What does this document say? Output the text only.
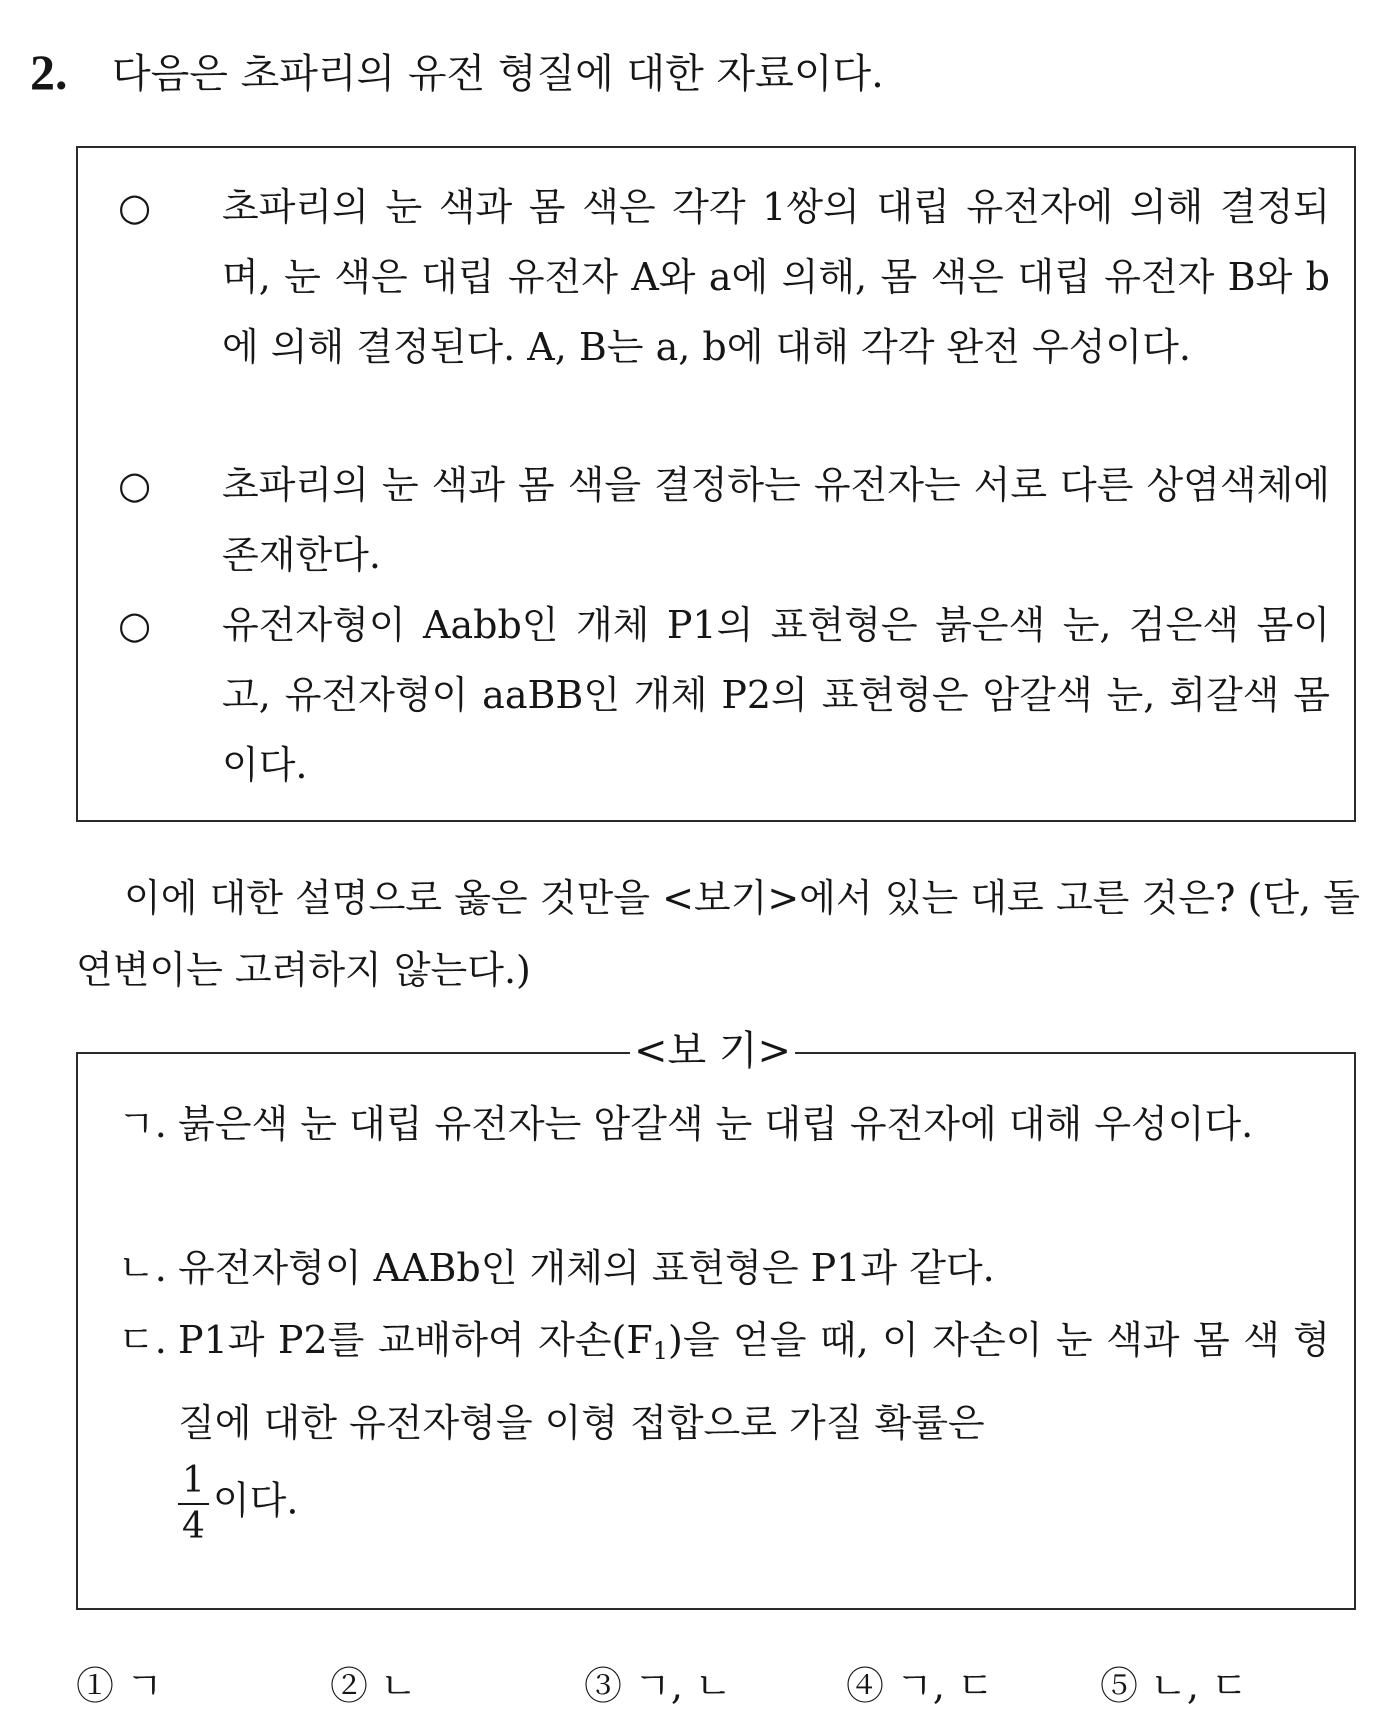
2. 다음은 초파리의 유전 형질에 대한 자료이다.
○ 초파리의 눈 색과 몸 색은 각각 1쌍의 대립 유전자에 의해 결정되며, 눈 색은 대립 유전자 A와 a에 의해, 몸 색은 대립 유전자 B와 b에 의해 결정된다. A, B는 a, b에 대해 각각 완전 우성이다.
○ 초파리의 눈 색과 몸 색을 결정하는 유전자는 서로 다른 상염색체에 존재한다.
○ 유전자형이 Aabb인 개체 P1의 표현형은 붉은색 눈, 검은색 몸이고, 유전자형이 aaBB인 개체 P2의 표현형은 암갈색 눈, 회갈색 몸이다.
이에 대한 설명으로 옳은 것만을 <보기>에서 있는 대로 고른 것은? (단, 돌연변이는 고려하지 않는다.)
ㄱ. 붉은색 눈 대립 유전자는 암갈색 눈 대립 유전자에 대해 우성이다.
ㄴ. 유전자형이 AABb인 개체의 표현형은 P1과 같다.
ㄷ. P1과 P2를 교배하여 자손$(F_1)$을 얻을 때, 이 자손이 눈 색과 몸 색 형질에 대한 유전자형을 이형 접합으로 가질 확률은

$\frac{1}{4}$ 이다.
<보 기>
① ㄱ	② ㄴ	③ ㄱ, ㄴ	④ ㄱ, ㄷ	⑤ ㄴ, ㄷ
